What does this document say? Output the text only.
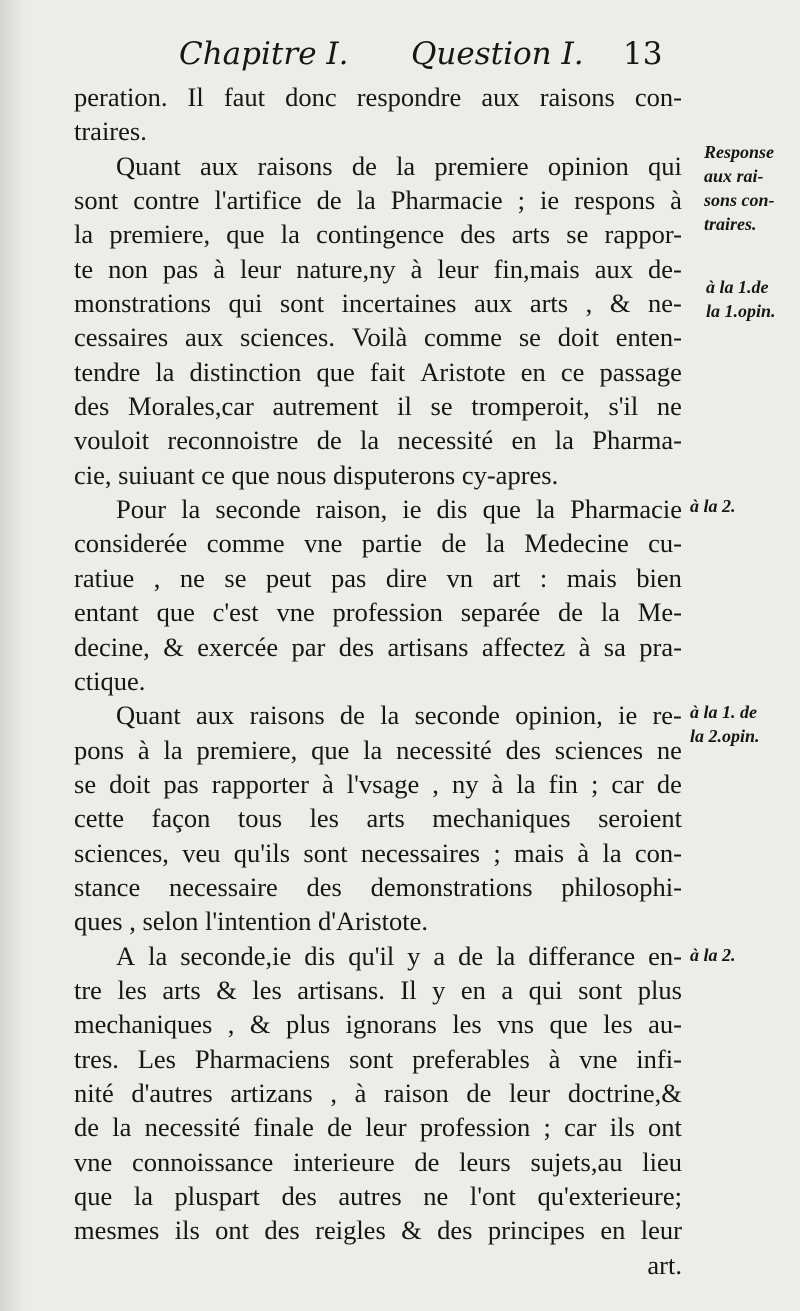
Chapitre I. Question I. 13
peration. Il faut donc respondre aux raisons con-
traires.
Quant aux raisons de la premiere opinion qui
sont contre l'artifice de la Pharmacie ; ie respons à
la premiere, que la contingence des arts se rappor-
te non pas à leur nature,ny à leur fin,mais aux de-
monstrations qui sont incertaines aux arts , & ne-
cessaires aux sciences. Voilà comme se doit enten-
tendre la distinction que fait Aristote en ce passage
des Morales,car autrement il se tromperoit, s'il ne
vouloit reconnoistre de la necessité en la Pharma-
cie, suiuant ce que nous disputerons cy-apres.
Pour la seconde raison, ie dis que la Pharmacie
considerée comme vne partie de la Medecine cu-
ratiue , ne se peut pas dire vn art : mais bien
entant que c'est vne profession separée de la Me-
decine, & exercée par des artisans affectez à sa pra-
ctique.
Quant aux raisons de la seconde opinion, ie re-
pons à la premiere, que la necessité des sciences ne
se doit pas rapporter à l'vsage , ny à la fin ; car de
cette façon tous les arts mechaniques seroient
sciences, veu qu'ils sont necessaires ; mais à la con-
stance necessaire des demonstrations philosophi-
ques , selon l'intention d'Aristote.
A la seconde,ie dis qu'il y a de la differance en-
tre les arts & les artisans. Il y en a qui sont plus
mechaniques , & plus ignorans les vns que les au-
tres. Les Pharmaciens sont preferables à vne infi-
nité d'autres artizans , à raison de leur doctrine,&
de la necessité finale de leur profession ; car ils ont
vne connoissance interieure de leurs sujets,au lieu
que la pluspart des autres ne l'ont qu'exterieure;
mesmes ils ont des reigles & des principes en leur
art.
Response
aux rai-
sons con-
traires.
à la 1.de
la 1.opin.
à la 2.
à la 1. de
la 2.opin.
à la 2.
